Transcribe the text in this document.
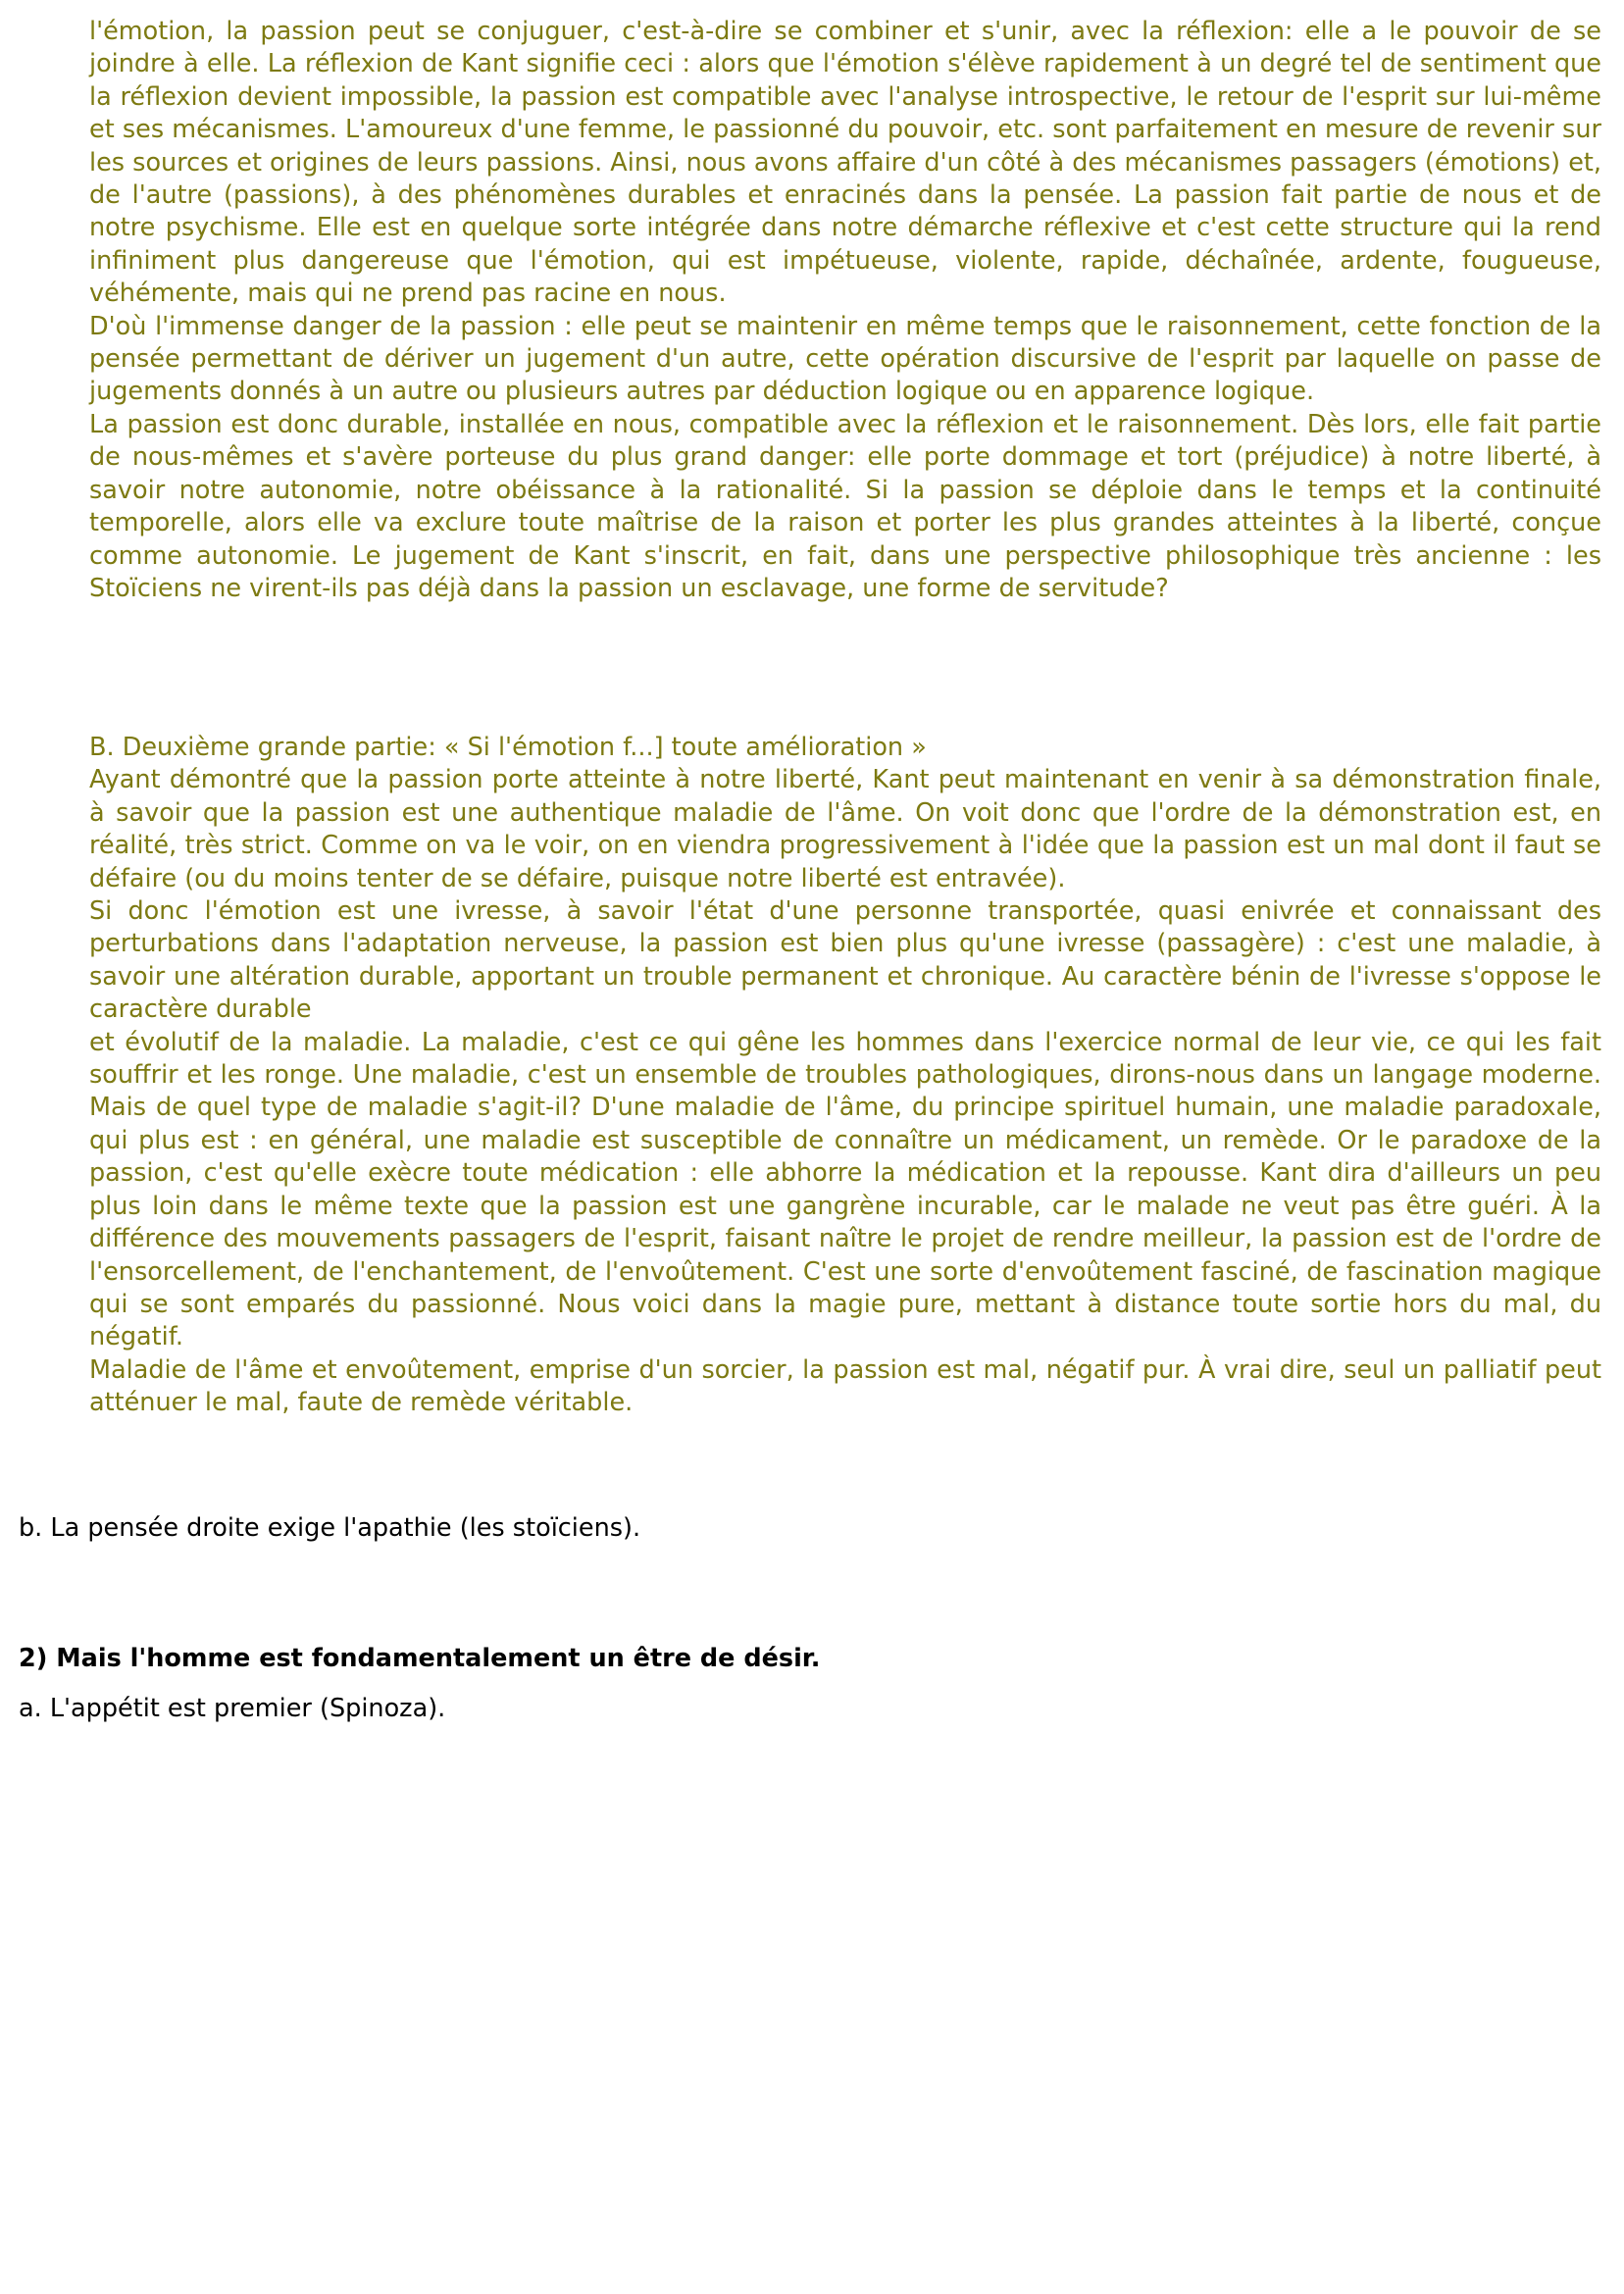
l'émotion, la passion peut se conjuguer, c'est-à-dire se combiner et s'unir, avec la réflexion: elle a le pouvoir de se joindre à elle. La réflexion de Kant signifie ceci : alors que l'émotion s'élève rapidement à un degré tel de sentiment que la réflexion devient impossible, la passion est compatible avec l'analyse introspective, le retour de l'esprit sur lui-même et ses mécanismes. L'amoureux d'une femme, le passionné du pouvoir, etc. sont parfaitement en mesure de revenir sur les sources et origines de leurs passions. Ainsi, nous avons affaire d'un côté à des mécanismes passagers (émotions) et, de l'autre (passions), à des phénomènes durables et enracinés dans la pensée. La passion fait partie de nous et de notre psychisme. Elle est en quelque sorte intégrée dans notre démarche réflexive et c'est cette structure qui la rend infiniment plus dangereuse que l'émotion, qui est impétueuse, violente, rapide, déchaînée, ardente, fougueuse, véhémente, mais qui ne prend pas racine en nous.

D'où l'immense danger de la passion : elle peut se maintenir en même temps que le raisonnement, cette fonction de la pensée permettant de dériver un jugement d'un autre, cette opération discursive de l'esprit par laquelle on passe de jugements donnés à un autre ou plusieurs autres par déduction logique ou en apparence logique.

La passion est donc durable, installée en nous, compatible avec la réflexion et le raisonnement. Dès lors, elle fait partie de nous-mêmes et s'avère porteuse du plus grand danger: elle porte dommage et tort (préjudice) à notre liberté, à savoir notre autonomie, notre obéissance à la rationalité. Si la passion se déploie dans le temps et la continuité temporelle, alors elle va exclure toute maîtrise de la raison et porter les plus grandes atteintes à la liberté, conçue comme autonomie. Le jugement de Kant s'inscrit, en fait, dans une perspective philosophique très ancienne : les Stoïciens ne virent-ils pas déjà dans la passion un esclavage, une forme de servitude?

B. Deuxième grande partie: « Si l'émotion f...] toute amélioration »

Ayant démontré que la passion porte atteinte à notre liberté, Kant peut maintenant en venir à sa démonstration finale, à savoir que la passion est une authentique maladie de l'âme. On voit donc que l'ordre de la démonstration est, en réalité, très strict. Comme on va le voir, on en viendra progressivement à l'idée que la passion est un mal dont il faut se défaire (ou du moins tenter de se défaire, puisque notre liberté est entravée).

Si donc l'émotion est une ivresse, à savoir l'état d'une personne transportée, quasi enivrée et connaissant des perturbations dans l'adaptation nerveuse, la passion est bien plus qu'une ivresse (passagère) : c'est une maladie, à savoir une altération durable, apportant un trouble permanent et chronique. Au caractère bénin de l'ivresse s'oppose le caractère durable

et évolutif de la maladie. La maladie, c'est ce qui gêne les hommes dans l'exercice normal de leur vie, ce qui les fait souffrir et les ronge. Une maladie, c'est un ensemble de troubles pathologiques, dirons-nous dans un langage moderne. Mais de quel type de maladie s'agit-il? D'une maladie de l'âme, du principe spirituel humain, une maladie paradoxale, qui plus est : en général, une maladie est susceptible de connaître un médicament, un remède. Or le paradoxe de la passion, c'est qu'elle exècre toute médication : elle abhorre la médication et la repousse. Kant dira d'ailleurs un peu plus loin dans le même texte que la passion est une gangrène incurable, car le malade ne veut pas être guéri. À la différence des mouvements passagers de l'esprit, faisant naître le projet de rendre meilleur, la passion est de l'ordre de l'ensorcellement, de l'enchantement, de l'envoûtement. C'est une sorte d'envoûtement fasciné, de fascination magique qui se sont emparés du passionné. Nous voici dans la magie pure, mettant à distance toute sortie hors du mal, du négatif.

Maladie de l'âme et envoûtement, emprise d'un sorcier, la passion est mal, négatif pur. À vrai dire, seul un palliatif peut atténuer le mal, faute de remède véritable.

b. La pensée droite exige l'apathie (les stoïciens).

2) Mais l'homme est fondamentalement un être de désir.

a. L'appétit est premier (Spinoza).
